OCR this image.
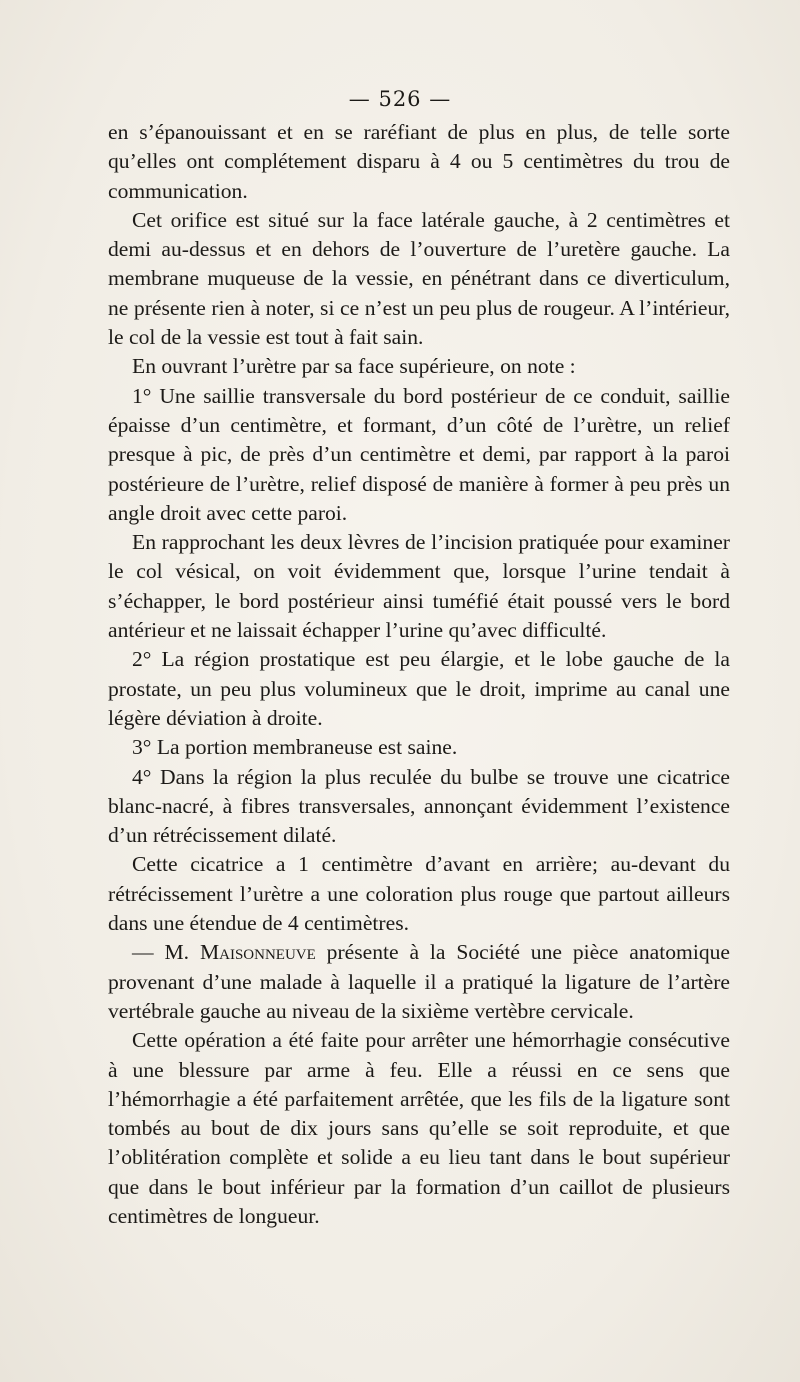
— 526 —

en s’épanouissant et en se raréfiant de plus en plus, de telle sorte qu’elles ont complétement disparu à 4 ou 5 centimètres du trou de communication.

Cet orifice est situé sur la face latérale gauche, à 2 centimètres et demi au-dessus et en dehors de l’ouverture de l’uretère gauche. La membrane muqueuse de la vessie, en pénétrant dans ce diverticulum, ne présente rien à noter, si ce n’est un peu plus de rougeur. A l’intérieur, le col de la vessie est tout à fait sain.

En ouvrant l’urètre par sa face supérieure, on note :

1° Une saillie transversale du bord postérieur de ce conduit, saillie épaisse d’un centimètre, et formant, d’un côté de l’urètre, un relief presque à pic, de près d’un centimètre et demi, par rapport à la paroi postérieure de l’urètre, relief disposé de manière à former à peu près un angle droit avec cette paroi.

En rapprochant les deux lèvres de l’incision pratiquée pour examiner le col vésical, on voit évidemment que, lorsque l’urine tendait à s’échapper, le bord postérieur ainsi tuméfié était poussé vers le bord antérieur et ne laissait échapper l’urine qu’avec difficulté.

2° La région prostatique est peu élargie, et le lobe gauche de la prostate, un peu plus volumineux que le droit, imprime au canal une légère déviation à droite.

3° La portion membraneuse est saine.

4° Dans la région la plus reculée du bulbe se trouve une cicatrice blanc-nacré, à fibres transversales, annonçant évidemment l’existence d’un rétrécissement dilaté.

Cette cicatrice a 1 centimètre d’avant en arrière; au-devant du rétrécissement l’urètre a une coloration plus rouge que partout ailleurs dans une étendue de 4 centimètres.

— M. Maisonneuve présente à la Société une pièce anatomique provenant d’une malade à laquelle il a pratiqué la ligature de l’artère vertébrale gauche au niveau de la sixième vertèbre cervicale.

Cette opération a été faite pour arrêter une hémorrhagie consécutive à une blessure par arme à feu. Elle a réussi en ce sens que l’hémorrhagie a été parfaitement arrêtée, que les fils de la ligature sont tombés au bout de dix jours sans qu’elle se soit reproduite, et que l’oblitération complète et solide a eu lieu tant dans le bout supérieur que dans le bout inférieur par la formation d’un caillot de plusieurs centimètres de longueur.
